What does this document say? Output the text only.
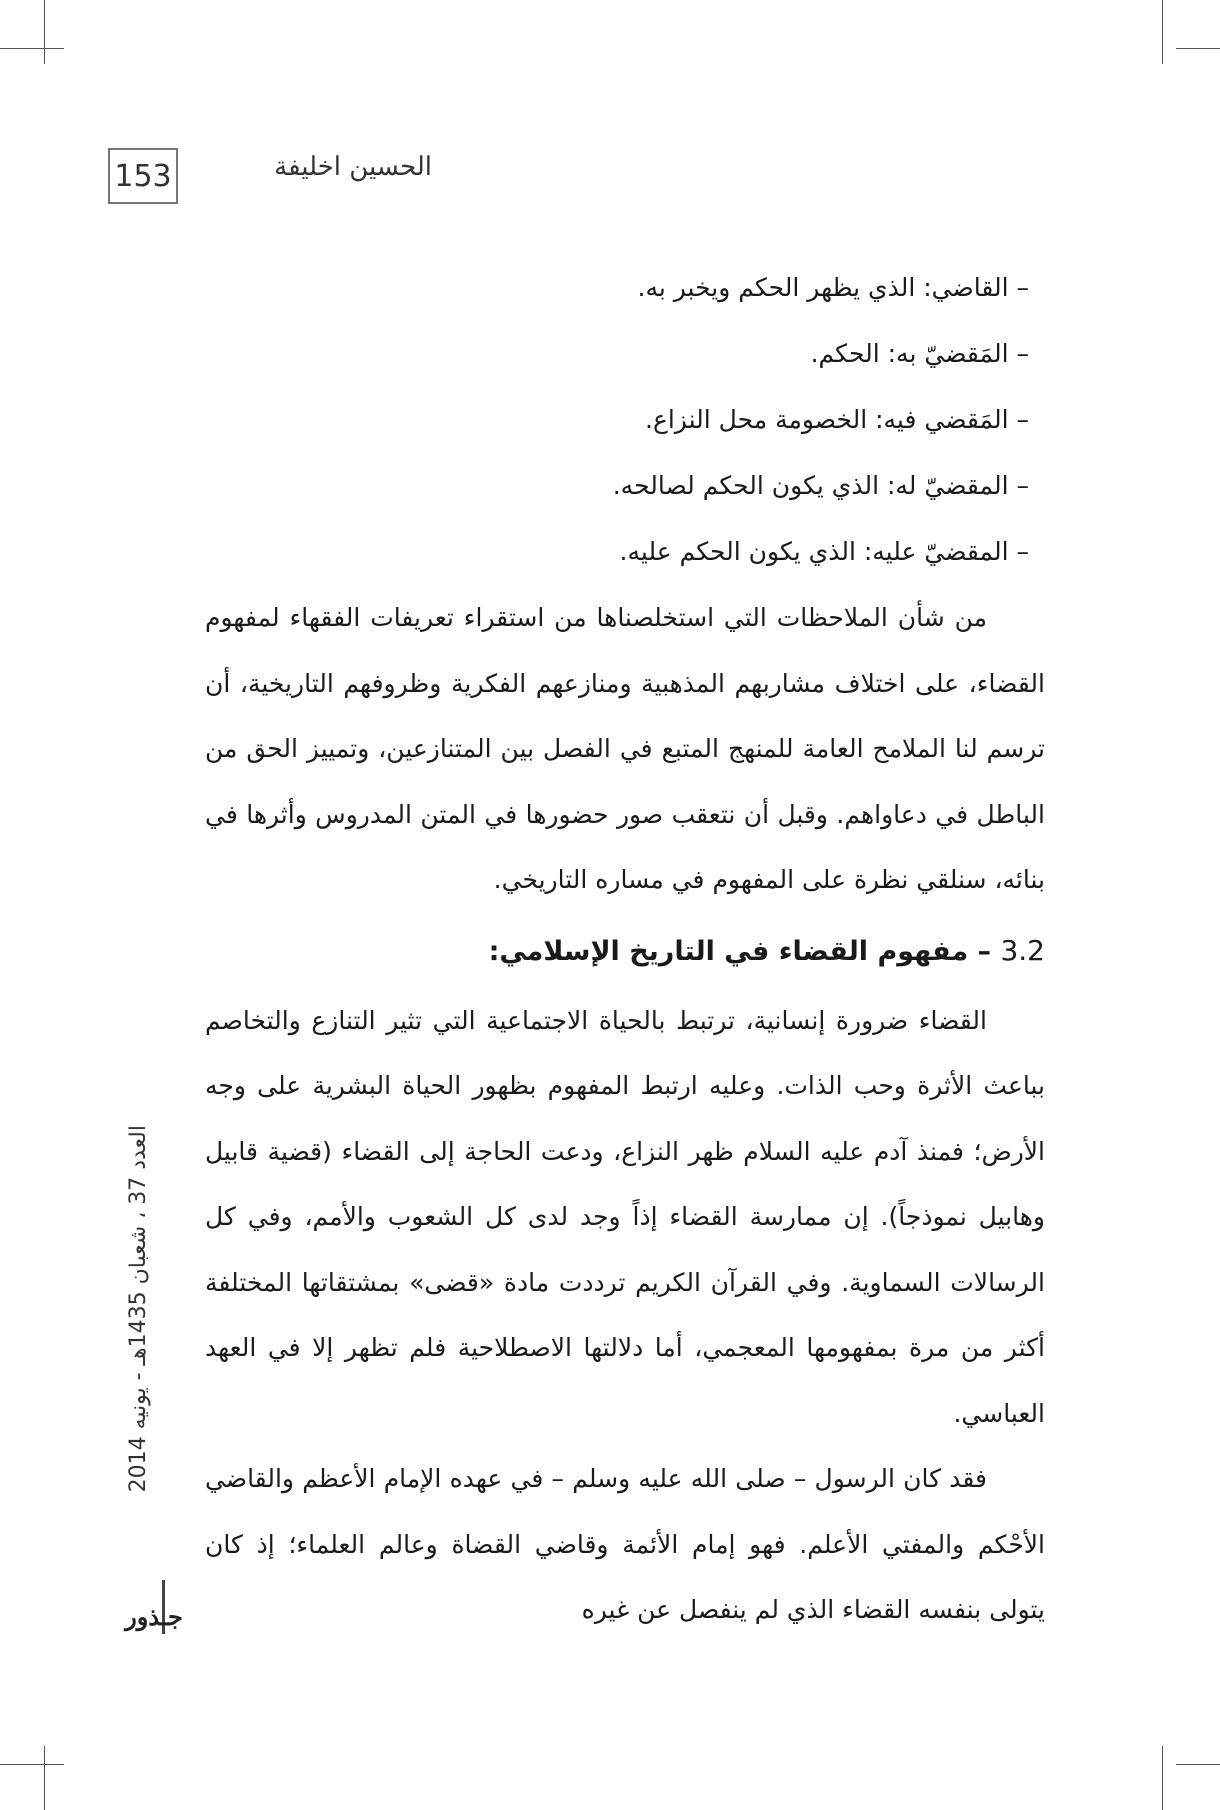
153	الحسين اخليفة
– القاضي: الذي يظهر الحكم ويخبر به.
– المَقضيّ به: الحكم.
– المَقضي فيه: الخصومة محل النزاع.
– المقضيّ له: الذي يكون الحكم لصالحه.
– المقضيّ عليه: الذي يكون الحكم عليه.

من شأن الملاحظات التي استخلصناها من استقراء تعريفات الفقهاء لمفهوم القضاء، على اختلاف مشاربهم المذهبية ومنازعهم الفكرية وظروفهم التاريخية، أن ترسم لنا الملامح العامة للمنهج المتبع في الفصل بين المتنازعين، وتمييز الحق من الباطل في دعاواهم. وقبل أن نتعقب صور حضورها في المتن المدروس وأثرها في بنائه، سنلقي نظرة على المفهوم في مساره التاريخي.

3.2 – مفهوم القضاء في التاريخ الإسلامي:

القضاء ضرورة إنسانية، ترتبط بالحياة الاجتماعية التي تثير التنازع والتخاصم بباعث الأثرة وحب الذات. وعليه ارتبط المفهوم بظهور الحياة البشرية على وجه الأرض؛ فمنذ آدم عليه السلام ظهر النزاع، ودعت الحاجة إلى القضاء (قضية قابيل وهابيل نموذجاً). إن ممارسة القضاء إذاً وجد لدى كل الشعوب والأمم، وفي كل الرسالات السماوية. وفي القرآن الكريم ترددت مادة «قضى» بمشتقاتها المختلفة أكثر من مرة بمفهومها المعجمي، أما دلالتها الاصطلاحية فلم تظهر إلا في العهد العباسي.

فقد كان الرسول – صلى الله عليه وسلم – في عهده الإمام الأعظم والقاضي الأحْكم والمفتي الأعلم. فهو إمام الأئمة وقاضي القضاة وعالم العلماء؛ إذ كان يتولى بنفسه القضاء الذي لم ينفصل عن غيره

العدد 37 ، شعبان 1435هـ - يونيه 2014
جـذور
